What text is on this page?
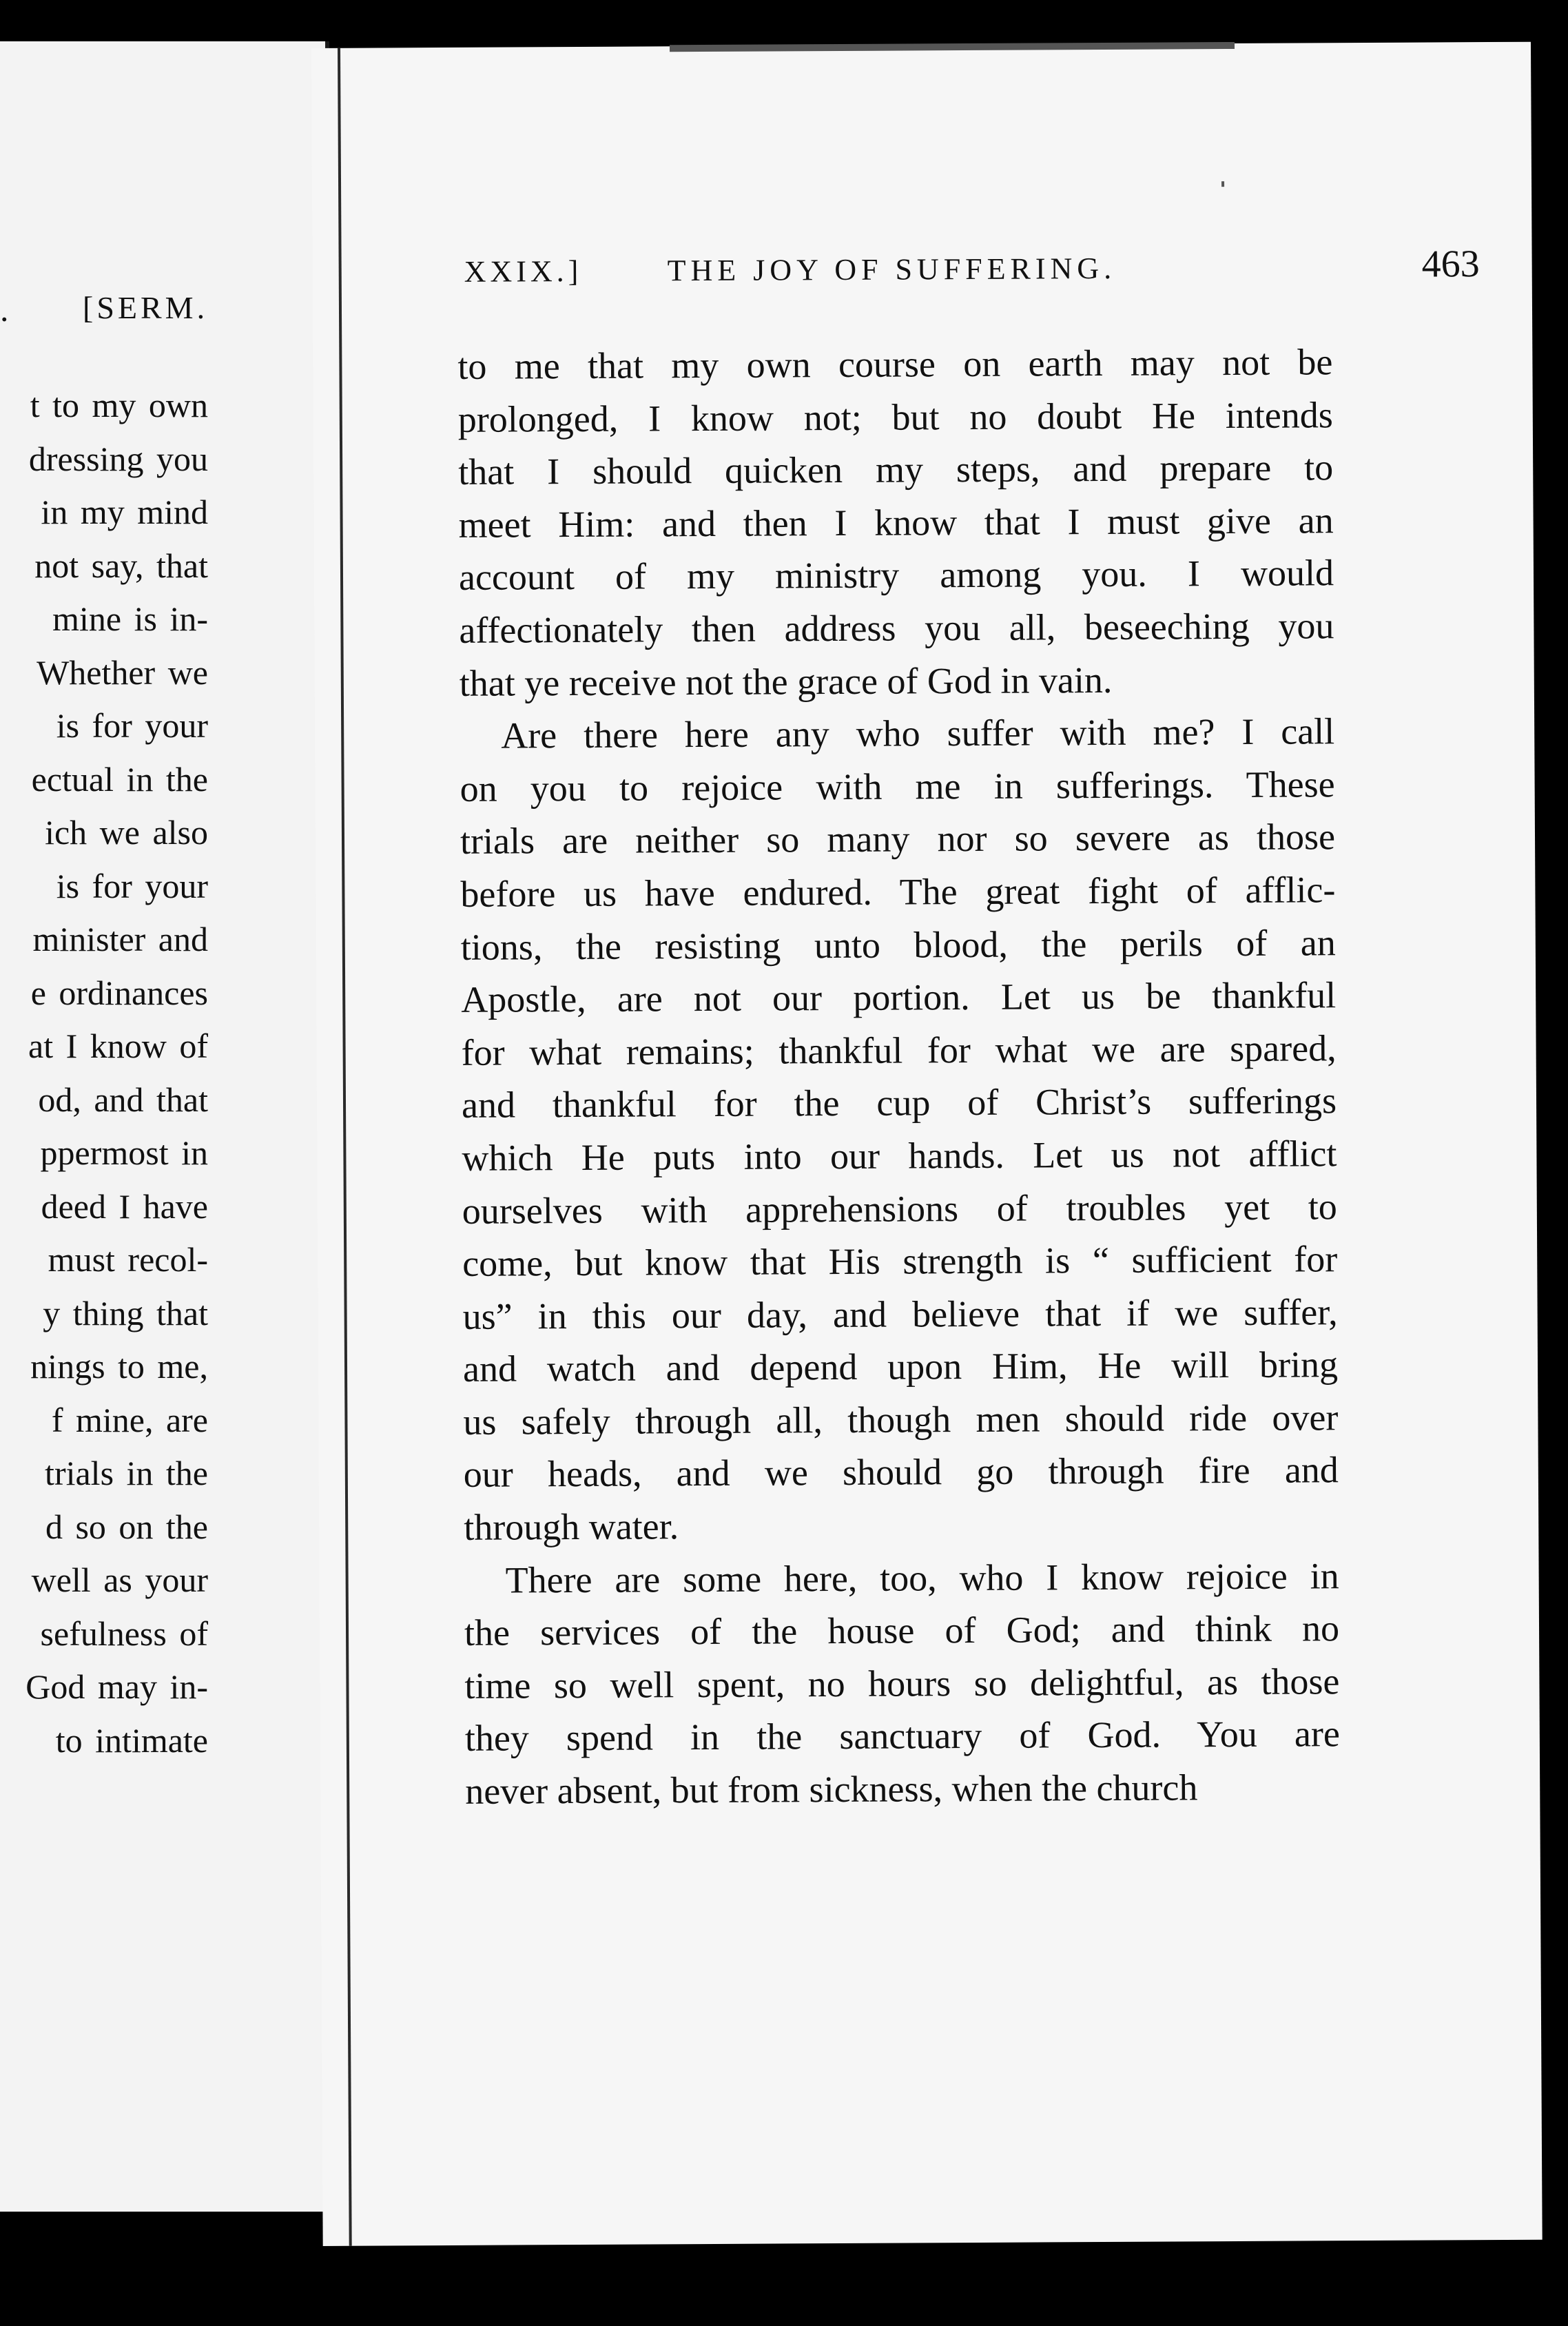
. [SERM.
t to my own
dressing you
in my mind
not say, that
mine is in-
Whether we
is for your
ectual in the
ich we also
is for your
minister and
e ordinances
at I know of
od, and that
ppermost in
deed I have
must recol-
y thing that
nings to me,
f mine, are
trials in the
d so on the
well as your
sefulness of
God may in-
to intimate
XXIX.]	THE JOY OF SUFFERING.	463
to me that my own course on earth may not be
prolonged, I know not; but no doubt He intends
that I should quicken my steps, and prepare to
meet Him: and then I know that I must give an
account of my ministry among you. I would
affectionately then address you all, beseeching you
that ye receive not the grace of God in vain.
Are there here any who suffer with me? I call
on you to rejoice with me in sufferings. These
trials are neither so many nor so severe as those
before us have endured. The great fight of afflic-
tions, the resisting unto blood, the perils of an
Apostle, are not our portion. Let us be thankful
for what remains; thankful for what we are spared,
and thankful for the cup of Christ’s sufferings
which He puts into our hands. Let us not afflict
ourselves with apprehensions of troubles yet to
come, but know that His strength is “ sufficient for
us” in this our day, and believe that if we suffer,
and watch and depend upon Him, He will bring
us safely through all, though men should ride over
our heads, and we should go through fire and
through water.
There are some here, too, who I know rejoice in
the services of the house of God; and think no
time so well spent, no hours so delightful, as those
they spend in the sanctuary of God. You are
never absent, but from sickness, when the church
